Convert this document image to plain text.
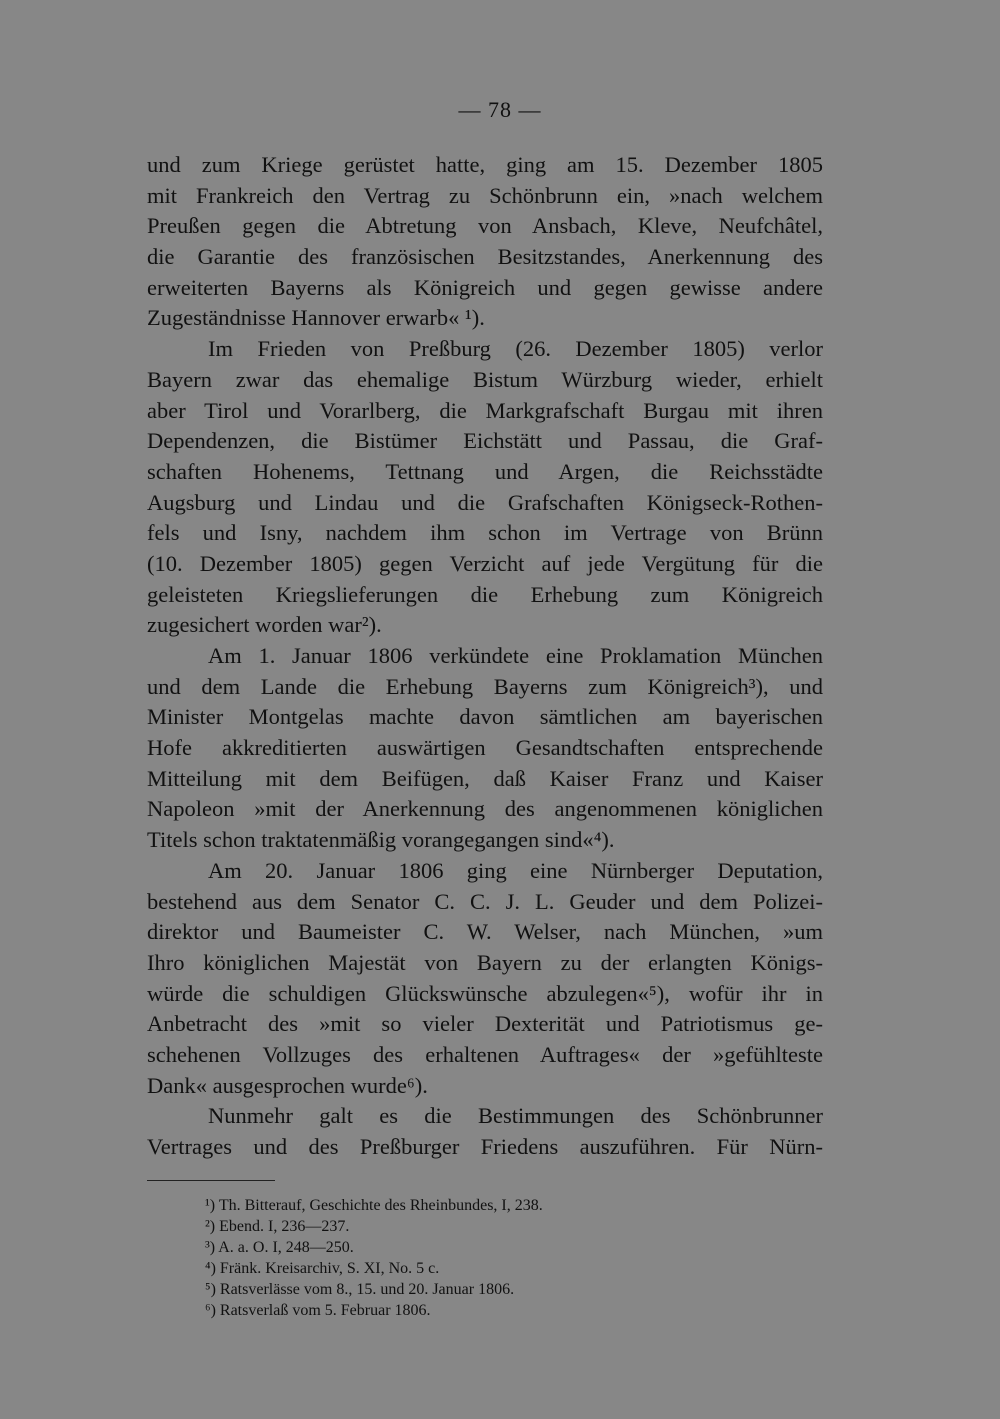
— 78 —
und zum Kriege gerüstet hatte, ging am 15. Dezember 1805
mit Frankreich den Vertrag zu Schönbrunn ein, »nach welchem
Preußen gegen die Abtretung von Ansbach, Kleve, Neufchâtel,
die Garantie des französischen Besitzstandes, Anerkennung des
erweiterten Bayerns als Königreich und gegen gewisse andere
Zugeständnisse Hannover erwarb« ¹).
Im Frieden von Preßburg (26. Dezember 1805) verlor
Bayern zwar das ehemalige Bistum Würzburg wieder, erhielt
aber Tirol und Vorarlberg, die Markgrafschaft Burgau mit ihren
Dependenzen, die Bistümer Eichstätt und Passau, die Graf-
schaften Hohenems, Tettnang und Argen, die Reichsstädte
Augsburg und Lindau und die Grafschaften Königseck-Rothen-
fels und Isny, nachdem ihm schon im Vertrage von Brünn
(10. Dezember 1805) gegen Verzicht auf jede Vergütung für die
geleisteten Kriegslieferungen die Erhebung zum Königreich
zugesichert worden war²).
Am 1. Januar 1806 verkündete eine Proklamation München
und dem Lande die Erhebung Bayerns zum Königreich³), und
Minister Montgelas machte davon sämtlichen am bayerischen
Hofe akkreditierten auswärtigen Gesandtschaften entsprechende
Mitteilung mit dem Beifügen, daß Kaiser Franz und Kaiser
Napoleon »mit der Anerkennung des angenommenen königlichen
Titels schon traktatenmäßig vorangegangen sind«⁴).
Am 20. Januar 1806 ging eine Nürnberger Deputation,
bestehend aus dem Senator C. C. J. L. Geuder und dem Polizei-
direktor und Baumeister C. W. Welser, nach München, »um
Ihro königlichen Majestät von Bayern zu der erlangten Königs-
würde die schuldigen Glückswünsche abzulegen«⁵), wofür ihr in
Anbetracht des »mit so vieler Dexterität und Patriotismus ge-
schehenen Vollzuges des erhaltenen Auftrages« der »gefühlteste
Dank« ausgesprochen wurde⁶).
Nunmehr galt es die Bestimmungen des Schönbrunner
Vertrages und des Preßburger Friedens auszuführen. Für Nürn-
¹) Th. Bitterauf, Geschichte des Rheinbundes, I, 238.
²) Ebend. I, 236—237.
³) A. a. O. I, 248—250.
⁴) Fränk. Kreisarchiv, S. XI, No. 5 c.
⁵) Ratsverlässe vom 8., 15. und 20. Januar 1806.
⁶) Ratsverlaß vom 5. Februar 1806.
